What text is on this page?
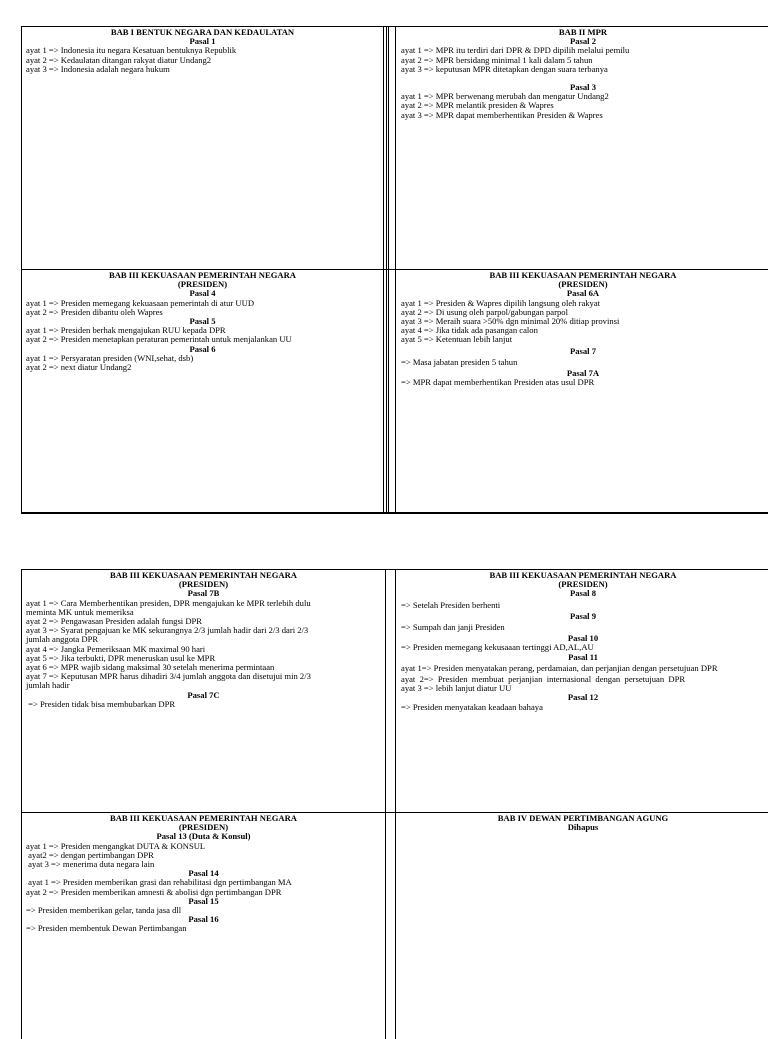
BAB I BENTUK NEGARA DAN KEDAULATAN
Pasal 1
ayat 1 => Indonesia itu negara Kesatuan bentuknya Republik
ayat 2 => Kedaulatan ditangan rakyat diatur Undang2
ayat 3 => Indonesia adalah negara hukum
BAB II MPR
Pasal 2
ayat 1 => MPR itu terdiri dari DPR & DPD dipilih melalui pemilu
ayat 2 => MPR bersidang minimal 1 kali dalam 5 tahun
ayat 3 => keputusan MPR ditetapkan dengan suara terbanya
Pasal 3
ayat 1 => MPR berwenang merubah dan mengatur Undang2
ayat 2 => MPR melantik presiden & Wapres
ayat 3 => MPR dapat memberhentikan Presiden & Wapres
BAB III KEKUASAAN PEMERINTAH NEGARA
(PRESIDEN)
Pasal 4
ayat 1 => Presiden memegang kekuasaan pemerintah di atur UUD
ayat 2 => Presiden dibantu oleh Wapres
Pasal 5
ayat 1 => Presiden berhak mengajukan RUU kepada DPR
ayat 2 => Presiden menetapkan peraturan pemerintah untuk menjalankan UU
Pasal 6
ayat 1 => Persyaratan presiden (WNI,sehat, dsb)
ayat 2 => next diatur Undang2
BAB III KEKUASAAN PEMERINTAH NEGARA
(PRESIDEN)
Pasal 6A
ayat 1 => Presiden & Wapres dipilih langsung oleh rakyat
ayat 2 => Di usung oleh parpol/gabungan parpol
ayat 3 => Meraih suara >50% dgn minimal 20% ditiap provinsi
ayat 4 => Jika tidak ada pasangan calon
ayat 5 => Ketentuan lebih lanjut
Pasal 7
=> Masa jabatan presiden 5 tahun
Pasal 7A
=> MPR dapat memberhentikan Presiden atas usul DPR
BAB III KEKUASAAN PEMERINTAH NEGARA
(PRESIDEN)
Pasal 7B
ayat 1 => Cara Memberhentikan presiden, DPR mengajukan ke MPR terlebih dulu
meminta MK untuk memeriksa
ayat 2 => Pengawasan Presiden adalah fungsi DPR
ayat 3 => Syarat pengajuan ke MK sekurangnya 2/3 jumlah hadir dari 2/3 dari 2/3
jumlah anggota DPR
ayat 4 => Jangka Pemeriksaan MK maximal 90 hari
ayat 5 => Jika terbukti, DPR meneruskan usul ke MPR
ayat 6 => MPR wajib sidang maksimal 30 setelah menerima permintaan
ayat 7 => Keputusan MPR harus dihadiri 3/4 jumlah anggota dan disetujui min 2/3
jumlah hadir
Pasal 7C
=> Presiden tidak bisa membubarkan DPR
BAB III KEKUASAAN PEMERINTAH NEGARA
(PRESIDEN)
Pasal 8
=> Setelah Presiden berhenti
Pasal 9
=> Sumpah dan janji Presiden
Pasal 10
=> Presiden memegang kekusaaan tertinggi AD,AL,AU
Pasal 11
ayat 1=> Presiden menyatakan perang, perdamaian, dan perjanjian dengan persetujuan DPR
ayat  2=>  Presiden  membuat  perjanjian  internasional  dengan  persetujuan  DPR
ayat 3 => lebih lanjut diatur UU
Pasal 12
=> Presiden menyatakan keadaan bahaya
BAB III KEKUASAAN PEMERINTAH NEGARA
(PRESIDEN)
Pasal 13 (Duta & Konsul)
ayat 1 => Presiden mengangkat DUTA & KONSUL
ayat2 => dengan pertimbangan DPR
ayat 3 => menerima duta negara lain
Pasal 14
ayat 1 => Presiden memberikan grasi dan rehabilitasi dgn pertimbangan MA
ayat 2 => Presiden memberikan amnesti & abolisi dgn pertimbangan DPR
Pasal 15
=> Presiden memberikan gelar, tanda jasa dll
Pasal 16
=> Presiden membentuk Dewan Pertimbangan
BAB IV DEWAN PERTIMBANGAN AGUNG
Dihapus
